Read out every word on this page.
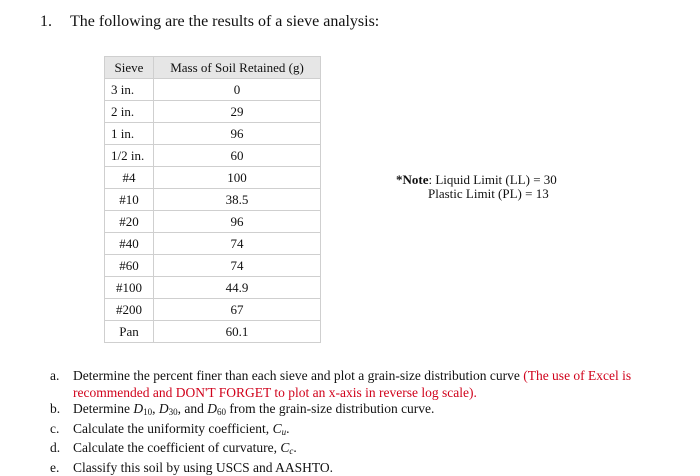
1. The following are the results of a sieve analysis:
Sieve	Mass of Soil Retained (g)
3 in.	0
2 in.	29
1 in.	96
1/2 in.	60
#4	100
#10	38.5
#20	96
#40	74
#60	74
#100	44.9
#200	67
Pan	60.1
*Note: Liquid Limit (LL) = 30
Plastic Limit (PL) = 13
a. Determine the percent finer than each sieve and plot a grain-size distribution curve (The use of Excel is recommended and DON'T FORGET to plot an x-axis in reverse log scale).
b. Determine $D_{10}$, $D_{30}$, and $D_{60}$ from the grain-size distribution curve.
c. Calculate the uniformity coefficient, $C_u$.
d. Calculate the coefficient of curvature, $C_c$.
e. Classify this soil by using USCS and AASHTO.
